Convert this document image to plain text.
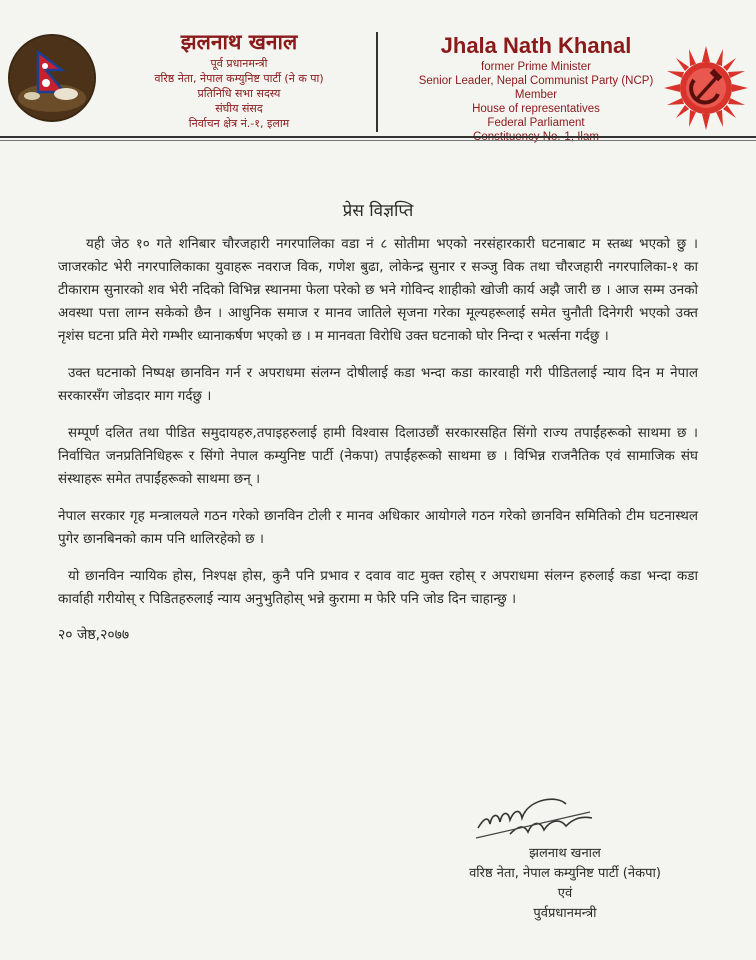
झलनाथ खनाल
पूर्व प्रधानमन्त्री
वरिष्ठ नेता, नेपाल कम्युनिष्ट पार्टी (ने क पा)
प्रतिनिधि सभा सदस्य
संघीय संसद
निर्वाचन क्षेत्र नं.-१, इलाम
Jhala Nath Khanal
former Prime Minister
Senior Leader, Nepal Communist Party (NCP)
Member
House of representatives
Federal Parliament
प्रेस विज्ञप्ति

यही जेठ १० गते शनिबार चौरजहारी नगरपालिका वडा नं ८ सोतीमा भएको नरसंहारकारी घटनाबाट म स्तब्ध भएको छु । जाजरकोट भेरी नगरपालिकाका युवाहरू नवराज विक, गणेश बुढा, लोकेन्द्र सुनार र सञ्जु विक तथा चौरजहारी नगरपालिका-१ का टीकाराम सुनारको शव भेरी नदिको विभिन्न स्थानमा फेला परेको छ भने गोविन्द शाहीको खोजी कार्य अझै जारी छ । आज सम्म उनको अवस्था पत्ता लाग्न सकेको छैन । आधुनिक समाज र मानव जातिले सृजना गरेका मूल्यहरूलाई समेत चुनौती दिनेगरी भएको उक्त नृशंस घटना प्रति मेरो गम्भीर ध्यानाकर्षण भएको छ । म मानवता विरोधि उक्त घटनाको घोर निन्दा र भर्त्सना गर्दछु ।

उक्त घटनाको निष्पक्ष छानविन गर्न र अपराधमा संलग्न दोषीलाई कडा भन्दा कडा कारवाही गरी पीडितलाई न्याय दिन म नेपाल सरकारसँग जोडदार माग गर्दछु ।

सम्पूर्ण दलित तथा पीडित समुदायहरु,तपाइहरुलाई हामी विश्वास दिलाउछौं सरकारसहित सिंगो राज्य तपाईंहरूको साथमा छ । निर्वाचित जनप्रतिनिधिहरू र सिंगो नेपाल कम्युनिष्ट पार्टी (नेकपा) तपाईंहरूको साथमा छ । विभिन्न राजनैतिक एवं सामाजिक संघ संस्थाहरू समेत तपाईंहरूको साथमा छन् ।

नेपाल सरकार गृह मन्त्रालयले गठन गरेको छानविन टोली र मानव अधिकार आयोगले गठन गरेको छानविन समितिको टीम घटनास्थल पुगेर छानबिनको काम पनि थालिरहेको छ ।

यो छानविन न्यायिक होस, निश्पक्ष होस, कुनै पनि प्रभाव र दवाव वाट मुक्त रहोस् र अपराधमा संलग्न हरुलाई कडा भन्दा कडा कार्वाही गरीयोस् र पिडितहरुलाई न्याय अनुभुतिहोस् भन्ने कुरामा म फेरि पनि जोड दिन चाहान्छु ।

२० जेष्ठ,२०७७
झलनाथ खनाल
वरिष्ठ नेता, नेपाल कम्युनिष्ट पार्टी (नेकपा)
एवं
पुर्वप्रधानमन्त्री
